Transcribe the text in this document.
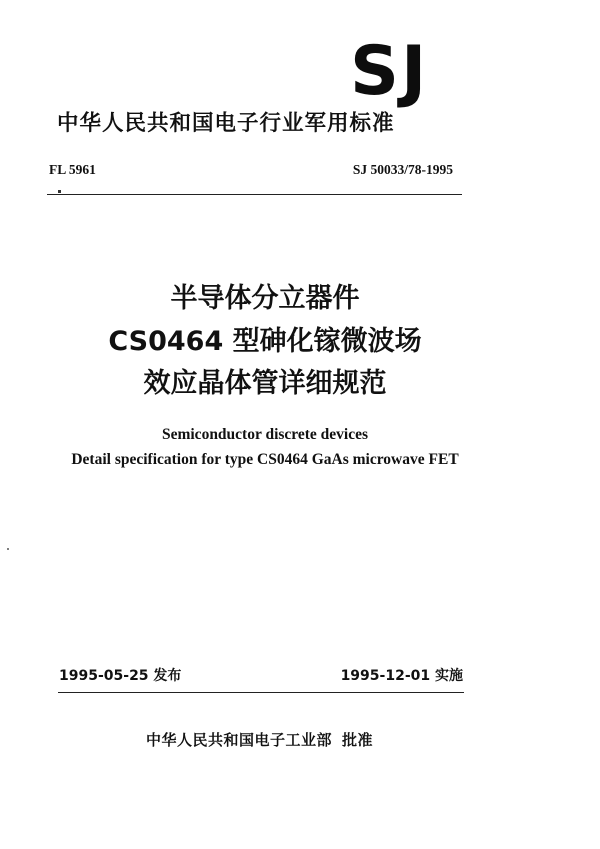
SJ
中华人民共和国电子行业军用标准
FL 5961	SJ 50033/78-1995
半导体分立器件
CS0464 型砷化镓微波场
效应晶体管详细规范
Semiconductor discrete devices
Detail specification for type CS0464 GaAs microwave FET
1995-05-25 发布	1995-12-01 实施
中华人民共和国电子工业部 批准
